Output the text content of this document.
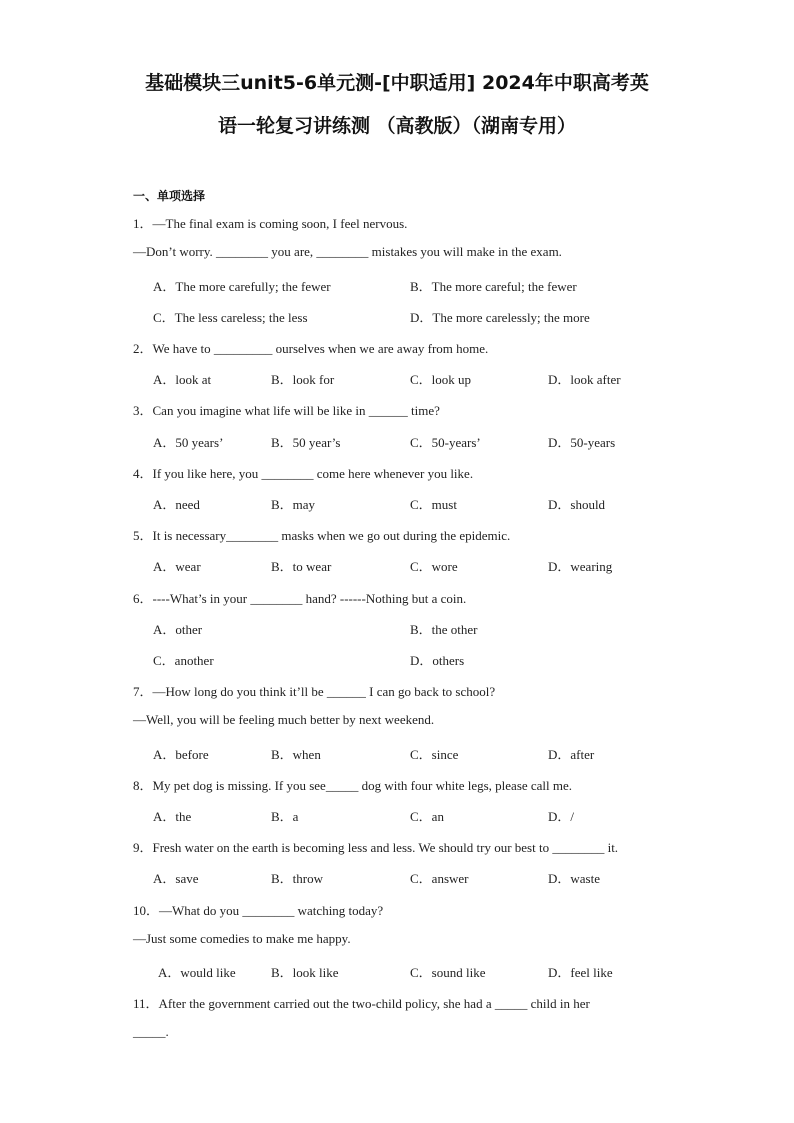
基础模块三unit5-6单元测-[中职适用] 2024年中职高考英
语一轮复习讲练测 （高教版）（湖南专用）
一、单项选择
1．—The final exam is coming soon, I feel nervous.
—Don’t worry. ________ you are, ________ mistakes you will make in the exam.
A．The more carefully; the fewer	B．The more careful; the fewer
C．The less careless; the less	D．The more carelessly; the more
2．We have to _________ ourselves when we are away from home.
A．look at	B．look for	C．look up	D．look after
3．Can you imagine what life will be like in ______ time?
A．50 years’	B．50 year’s	C．50-years’	D．50-years
4．If you like here, you ________ come here whenever you like.
A．need	B．may	C．must	D．should
5．It is necessary________ masks when we go out during the epidemic.
A．wear	B．to wear	C．wore	D．wearing
6．----What’s in your ________ hand? ------Nothing but a coin.
A．other	B．the other
C．another	D．others
7．—How long do you think it’ll be ______ I can go back to school?
—Well, you will be feeling much better by next weekend.
A．before	B．when	C．since	D．after
8．My pet dog is missing. If you see_____ dog with four white legs, please call me.
A．the	B．a	C．an	D．/
9．Fresh water on the earth is becoming less and less. We should try our best to ________ it.
A．save	B．throw	C．answer	D．waste
10．—What do you ________ watching today?
—Just some comedies to make me happy.
A．would like	B．look like	C．sound like	D．feel like
11．After the government carried out the two-child policy, she had a _____ child in her
_____.
